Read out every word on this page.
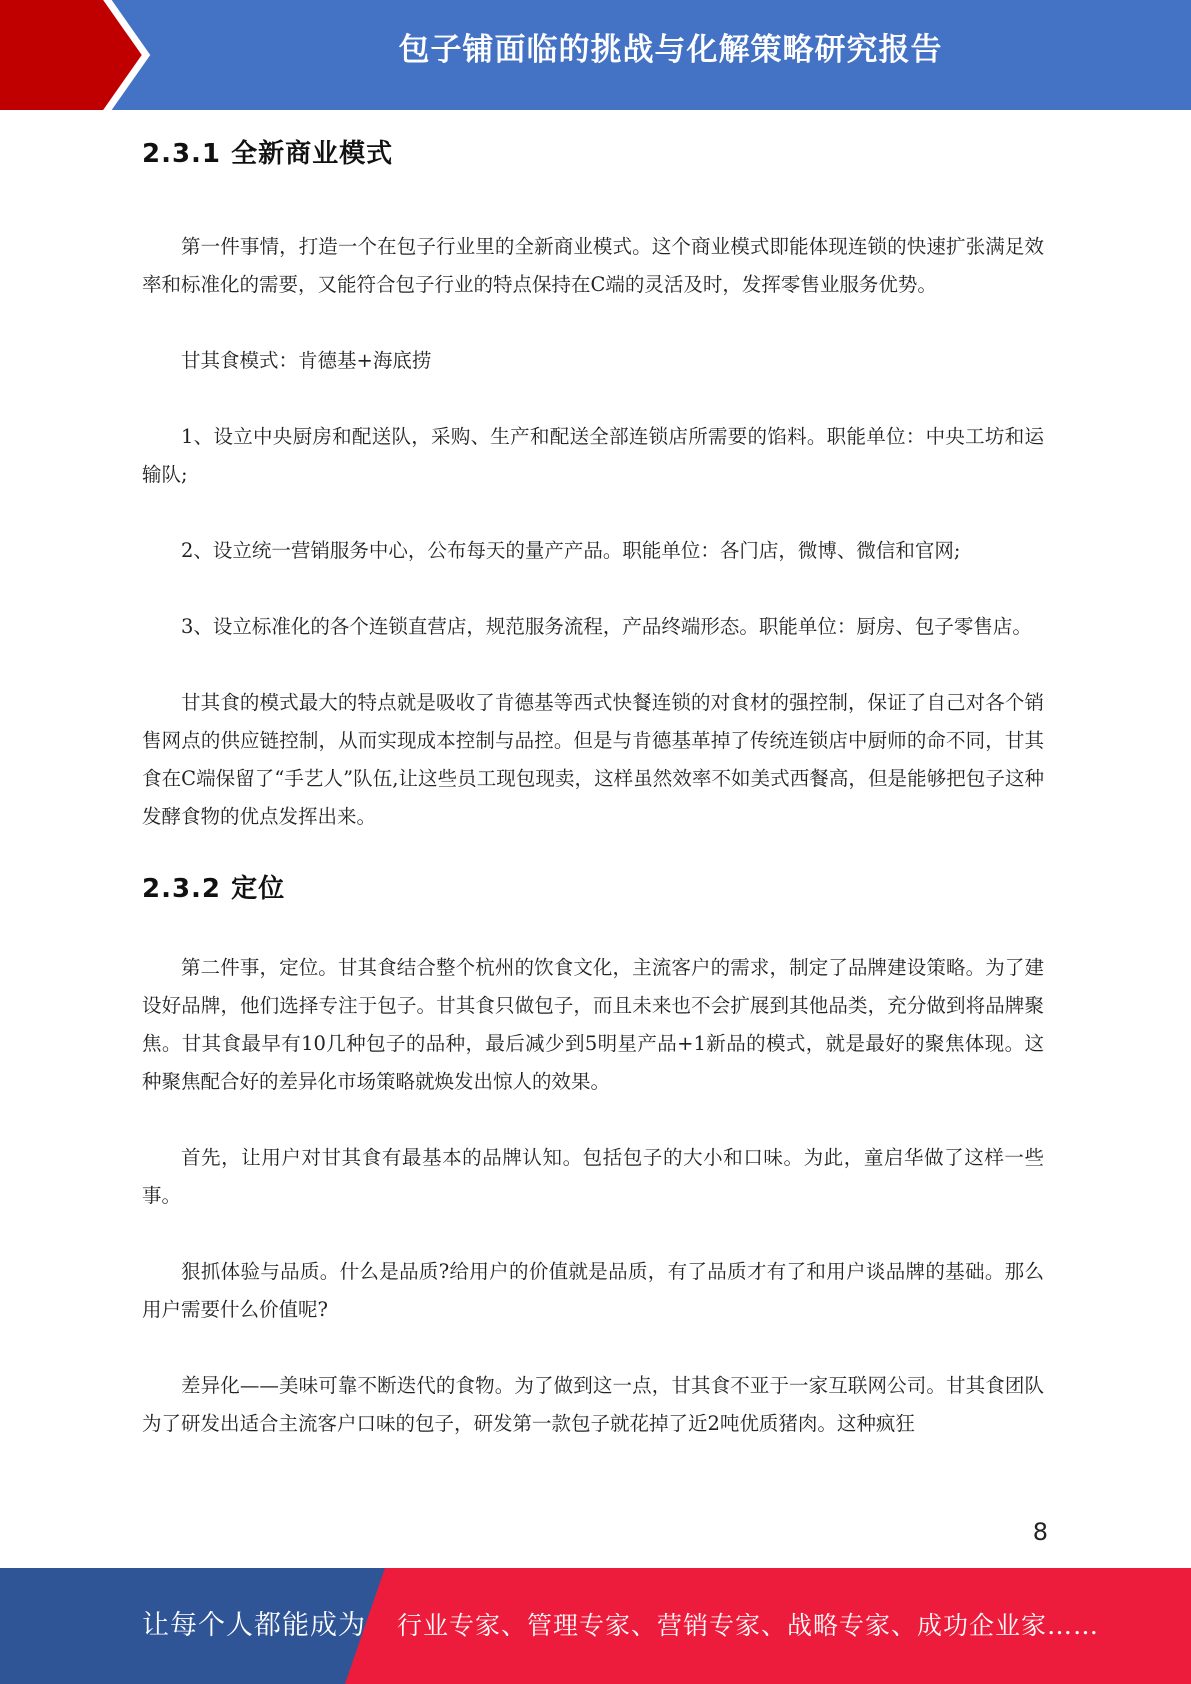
包子铺面临的挑战与化解策略研究报告
2.3.1 全新商业模式

第一件事情，打造一个在包子行业里的全新商业模式。这个商业模式即能体现连锁的快速扩张满足效率和标准化的需要，又能符合包子行业的特点保持在C端的灵活及时，发挥零售业服务优势。

甘其食模式：肯德基+海底捞

1、设立中央厨房和配送队，采购、生产和配送全部连锁店所需要的馅料。职能单位：中央工坊和运输队;

2、设立统一营销服务中心，公布每天的量产产品。职能单位：各门店，微博、微信和官网;

3、设立标准化的各个连锁直营店，规范服务流程，产品终端形态。职能单位：厨房、包子零售店。

甘其食的模式最大的特点就是吸收了肯德基等西式快餐连锁的对食材的强控制，保证了自己对各个销售网点的供应链控制，从而实现成本控制与品控。但是与肯德基革掉了传统连锁店中厨师的命不同，甘其食在C端保留了“手艺人”队伍,让这些员工现包现卖，这样虽然效率不如美式西餐高，但是能够把包子这种发酵食物的优点发挥出来。

2.3.2 定位

第二件事，定位。甘其食结合整个杭州的饮食文化，主流客户的需求，制定了品牌建设策略。为了建设好品牌，他们选择专注于包子。甘其食只做包子，而且未来也不会扩展到其他品类，充分做到将品牌聚焦。甘其食最早有10几种包子的品种，最后减少到5明星产品+1新品的模式，就是最好的聚焦体现。这种聚焦配合好的差异化市场策略就焕发出惊人的效果。

首先，让用户对甘其食有最基本的品牌认知。包括包子的大小和口味。为此，童启华做了这样一些事。

狠抓体验与品质。什么是品质?给用户的价值就是品质，有了品质才有了和用户谈品牌的基础。那么用户需要什么价值呢?

差异化——美味可靠不断迭代的食物。为了做到这一点，甘其食不亚于一家互联网公司。甘其食团队为了研发出适合主流客户口味的包子，研发第一款包子就花掉了近2吨优质猪肉。这种疯狂

8
让每个人都能成为 行业专家、管理专家、营销专家、战略专家、成功企业家……
